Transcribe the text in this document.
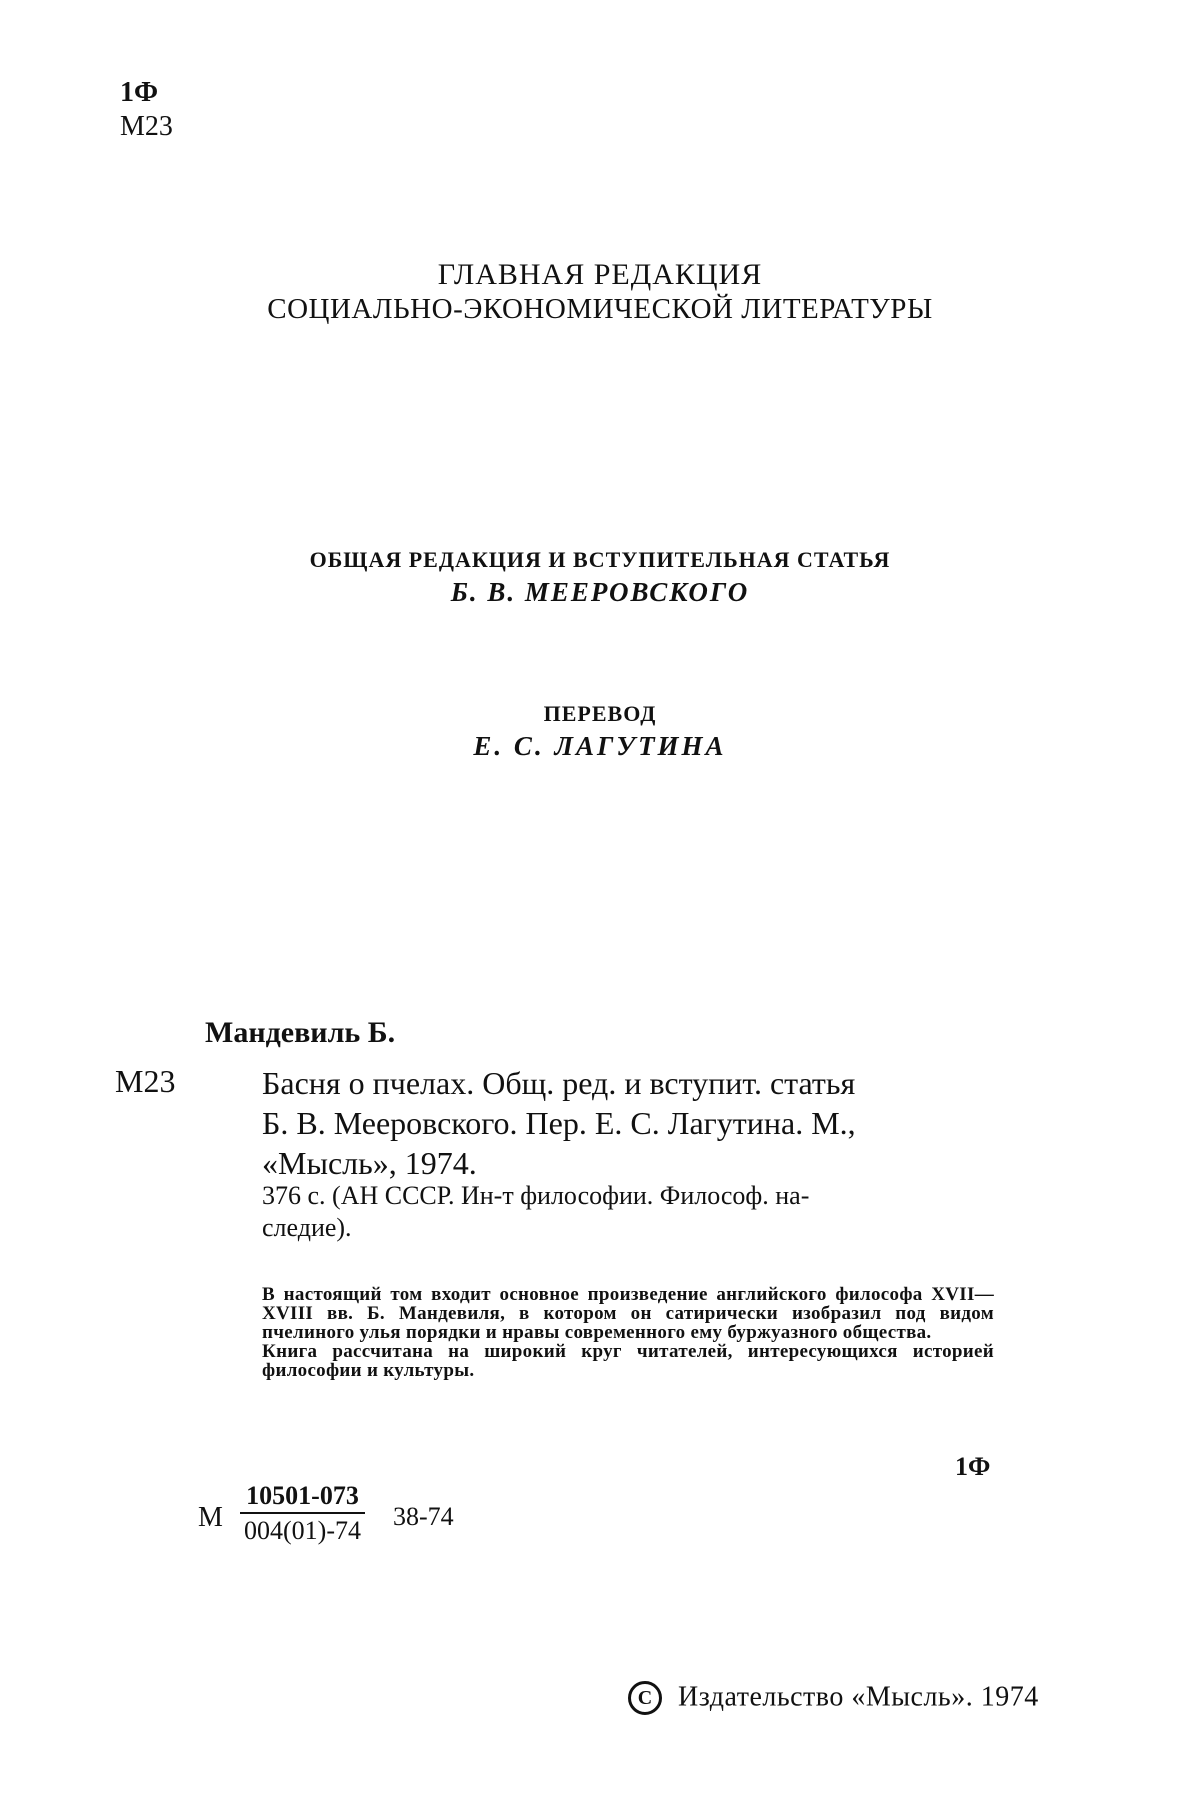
1Ф
М23
ГЛАВНАЯ РЕДАКЦИЯ
СОЦИАЛЬНО-ЭКОНОМИЧЕСКОЙ ЛИТЕРАТУРЫ
ОБЩАЯ РЕДАКЦИЯ И ВСТУПИТЕЛЬНАЯ СТАТЬЯ
Б. В. МЕЕРОВСКОГО
ПЕРЕВОД
Е. С. ЛАГУТИНА
Мандевиль Б.
М23	Басня о пчелах. Общ. ред. и вступит. статья
Б. В. Мееровского. Пер. Е. С. Лагутина. М.,
«Мысль», 1974.
376 с. (АН СССР. Ин-т философии. Философ. на-
следие).

В настоящий том входит основное произведение английского философа XVII—XVIII вв. Б. Мандевиля, в котором он сатирически изобразил под видом пчелиного улья порядки и нравы современного ему буржуазного общества.

Книга рассчитана на широкий круг читателей, интересующихся историей философии и культуры.

1Ф
М $\frac{10501-073}{004(01)-74} 38-74$
C Издательство «Мысль». 1974
